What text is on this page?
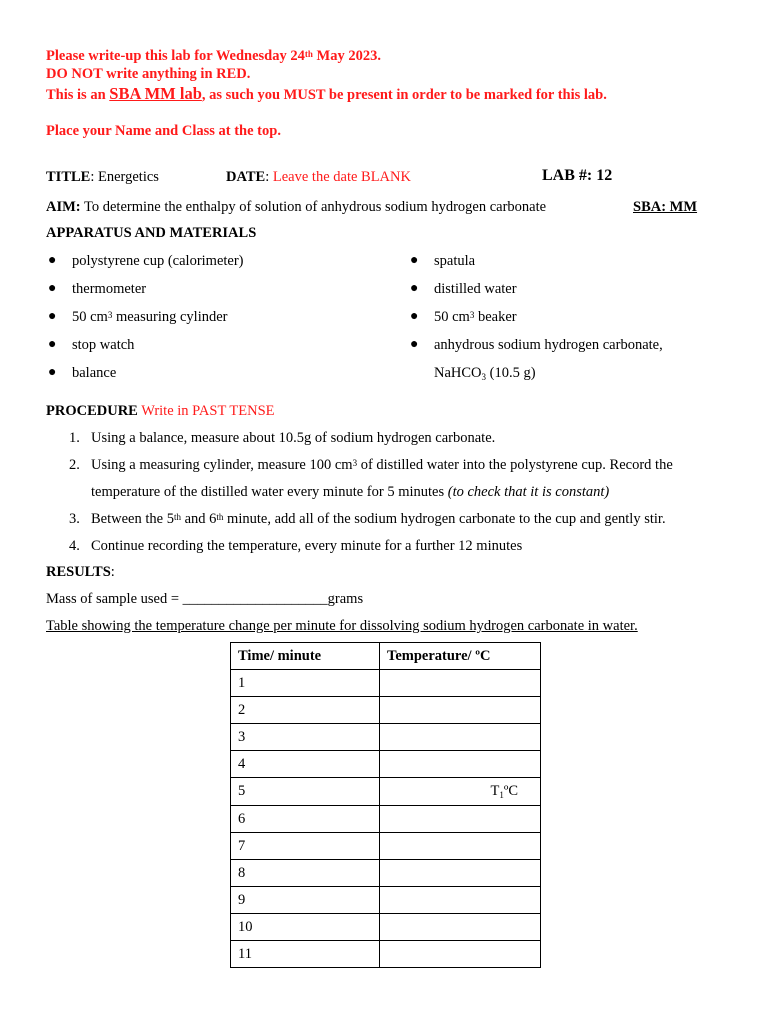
Please write-up this lab for Wednesday 24th May 2023.
DO NOT write anything in RED.
This is an SBA MM lab, as such you MUST be present in order to be marked for this lab.
Place your Name and Class at the top.
TITLE: Energetics	DATE: Leave the date BLANK	LAB #: 12
AIM: To determine the enthalpy of solution of anhydrous sodium hydrogen carbonate	SBA: MM
APPARATUS AND MATERIALS
● polystyrene cup (calorimeter)
● thermometer
● 50 $cm^3$ measuring cylinder
● stop watch
● balance
● spatula
● distilled water
● 50 $cm^3$ beaker
● anhydrous sodium hydrogen carbonate,
NaHCO$_3$ (10.5 g)
PROCEDURE Write in PAST TENSE
1. Using a balance, measure about 10.5g of sodium hydrogen carbonate.
2. Using a measuring cylinder, measure 100 $cm^3$ of distilled water into the polystyrene cup. Record the
temperature of the distilled water every minute for 5 minutes (to check that it is constant)
3. Between the 5th and 6th minute, add all of the sodium hydrogen carbonate to the cup and gently stir.
4. Continue recording the temperature, every minute for a further 12 minutes
RESULTS:
Mass of sample used = ____________________grams
Table showing the temperature change per minute for dissolving sodium hydrogen carbonate in water.
Time/ minute	Temperature/ ºC
1	
2	
3	
4	
5	$T_1ºC$
6	
7	
8	
9	
10	
11	
